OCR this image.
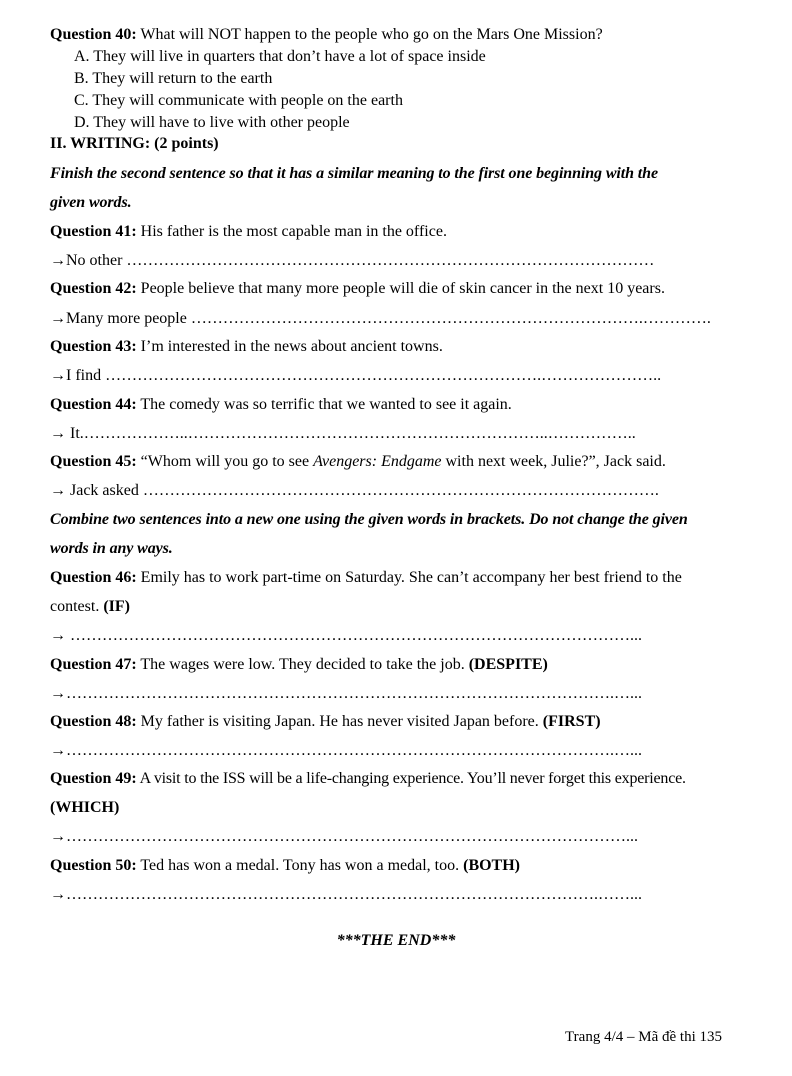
Question 40: What will NOT happen to the people who go on the Mars One Mission?
A. They will live in quarters that don’t have a lot of space inside
B. They will return to the earth
C. They will communicate with people on the earth
D. They will have to live with other people
II. WRITING: (2 points)
Finish the second sentence so that it has a similar meaning to the first one beginning with the
given words.
Question 41: His father is the most capable man in the office.
→No other ………………………………………………………………………………………
Question 42: People believe that many more people will die of skin cancer in the next 10 years.
→Many more people ………………………………………………………………………….………….
Question 43: I’m interested in the news about ancient towns.
→I find ……………………………………………………………………….…………………..
Question 44: The comedy was so terrific that we wanted to see it again.
→ It.………………..…………………………………………………………..……………..
Question 45: “Whom will you go to see Avengers: Endgame with next week, Julie?”, Jack said.
→ Jack asked …………………………………………………………………………………….
Combine two sentences into a new one using the given words in brackets. Do not change the given
words in any ways.
Question 46: Emily has to work part-time on Saturday. She can’t accompany her best friend to the
contest. (IF)
→ ……………………………………………………………………………………………...
Question 47: The wages were low. They decided to take the job. (DESPITE)
→………………………………………………………………………………………….…...
Question 48: My father is visiting Japan. He has never visited Japan before. (FIRST)
→………………………………………………………………………………………….…...
Question 49: A visit to the ISS will be a life-changing experience. You’ll never forget this experience.
(WHICH)
→……………………………………………………………………………………………...
Question 50: Ted has won a medal. Tony has won a medal, too. (BOTH)
→……………………………………………………………………………………….……...
***THE END***
Trang 4/4 – Mã đề thi 135
